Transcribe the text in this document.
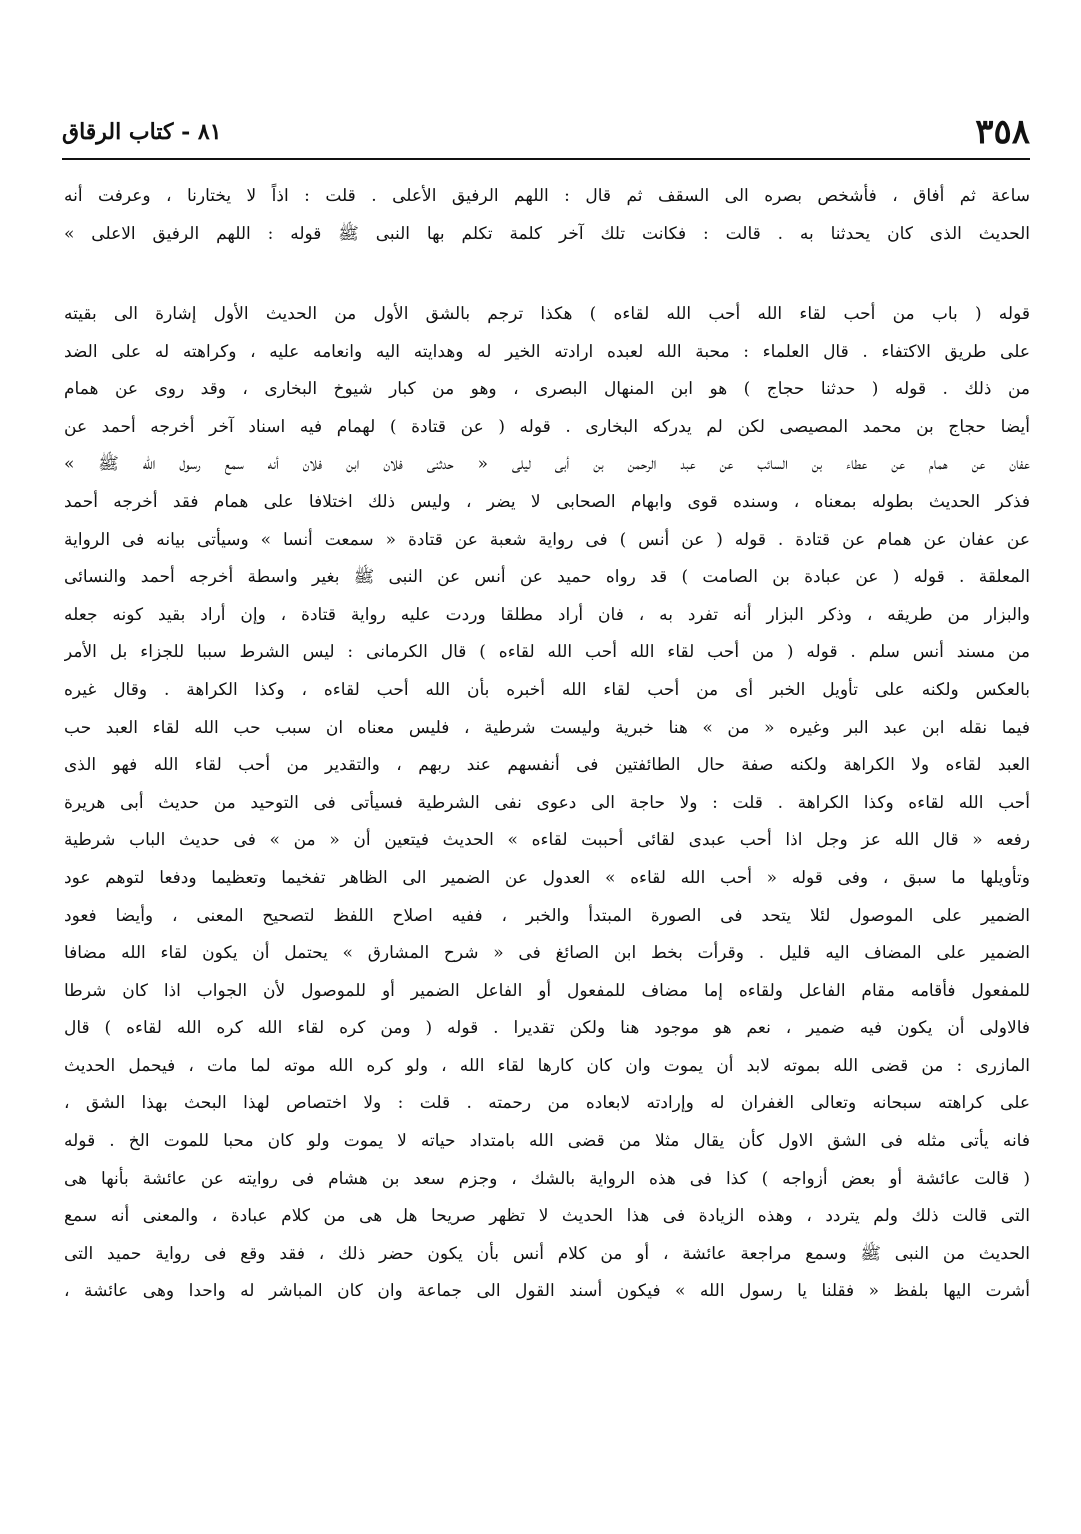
٣٥٨
٨١ - كتاب الرقاق
ساعة ثم أفاق ، فأشخص بصره الى السقف ثم قال : اللهم الرفيق الأعلى . قلت : اذاً لا يختارنا ، وعرفت أنه
الحديث الذى كان يحدثنا به . قالت : فكانت تلك آخر كلمة تكلم بها النبى ﷺ قوله : اللهم الرفيق الاعلى »
قوله ( باب من أحب لقاء الله أحب الله لقاءه ) هكذا ترجم بالشق الأول من الحديث الأول إشارة الى بقيته
على طريق الاكتفاء . قال العلماء : محبة الله لعبده ارادته الخير له وهدايته اليه وانعامه عليه ، وكراهته له على الضد
من ذلك . قوله ( حدثنا حجاج ) هو ابن المنهال البصرى ، وهو من كبار شيوخ البخارى ، وقد روى عن همام
أيضا حجاج بن محمد المصيصى لكن لم يدركه البخارى . قوله ( عن قتادة ) لهمام فيه اسناد آخر أخرجه أحمد عن
عفان عن همام عن عطاء بن السائب عن عبد الرحمن بن أبى ليلى « حدثنى فلان ابن فلان أنه سمع رسول الله ﷺ »
فذكر الحديث بطوله بمعناه ، وسنده قوى وابهام الصحابى لا يضر ، وليس ذلك اختلافا على همام فقد أخرجه أحمد
عن عفان عن همام عن قتادة . قوله ( عن أنس ) فى رواية شعبة عن قتادة « سمعت أنسا » وسيأتى بيانه فى الرواية
المعلقة . قوله ( عن عبادة بن الصامت ) قد رواه حميد عن أنس عن النبى ﷺ بغير واسطة أخرجه أحمد والنسائى
والبزار من طريقه ، وذكر البزار أنه تفرد به ، فان أراد مطلقا وردت عليه رواية قتادة ، وإن أراد بقيد كونه جعله
من مسند أنس سلم . قوله ( من أحب لقاء الله أحب الله لقاءه ) قال الكرمانى : ليس الشرط سببا للجزاء بل الأمر
بالعكس ولكنه على تأويل الخبر أى من أحب لقاء الله أخبره بأن الله أحب لقاءه ، وكذا الكراهة . وقال غيره
فيما نقله ابن عبد البر وغيره « من » هنا خبرية وليست شرطية ، فليس معناه ان سبب حب الله لقاء العبد حب
العبد لقاءه ولا الكراهة ولكنه صفة حال الطائفتين فى أنفسهم عند ربهم ، والتقدير من أحب لقاء الله فهو الذى
أحب الله لقاءه وكذا الكراهة . قلت : ولا حاجة الى دعوى نفى الشرطية فسيأتى فى التوحيد من حديث أبى هريرة
رفعه « قال الله عز وجل اذا أحب عبدى لقائى أحببت لقاءه » الحديث فيتعين أن « من » فى حديث الباب شرطية
وتأويلها ما سبق ، وفى قوله « أحب الله لقاءه » العدول عن الضمير الى الظاهر تفخيما وتعظيما ودفعا لتوهم عود
الضمير على الموصول لئلا يتحد فى الصورة المبتدأ والخبر ، ففيه اصلاح اللفظ لتصحيح المعنى ، وأيضا فعود
الضمير على المضاف اليه قليل . وقرأت بخط ابن الصائغ فى « شرح المشارق » يحتمل أن يكون لقاء الله مضافا
للمفعول فأقامه مقام الفاعل ولقاءه إما مضاف للمفعول أو الفاعل الضمير أو للموصول لأن الجواب اذا كان شرطا
فالاولى أن يكون فيه ضمير ، نعم هو موجود هنا ولكن تقديرا . قوله ( ومن كره لقاء الله كره الله لقاءه ) قال
المازرى : من قضى الله بموته لابد أن يموت وان كان كارها لقاء الله ، ولو كره الله موته لما مات ، فيحمل الحديث
على كراهته سبحانه وتعالى الغفران له وإرادته لابعاده من رحمته . قلت : ولا اختصاص لهذا البحث بهذا الشق ،
فانه يأتى مثله فى الشق الاول كأن يقال مثلا من قضى الله بامتداد حياته لا يموت ولو كان محبا للموت الخ . قوله
( قالت عائشة أو بعض أزواجه ) كذا فى هذه الرواية بالشك ، وجزم سعد بن هشام فى روايته عن عائشة بأنها هى
التى قالت ذلك ولم يتردد ، وهذه الزيادة فى هذا الحديث لا تظهر صريحا هل هى من كلام عبادة ، والمعنى أنه سمع
الحديث من النبى ﷺ وسمع مراجعة عائشة ، أو من كلام أنس بأن يكون حضر ذلك ، فقد وقع فى رواية حميد التى
أشرت اليها بلفظ « فقلنا يا رسول الله » فيكون أسند القول الى جماعة وان كان المباشر له واحدا وهى عائشة ،
